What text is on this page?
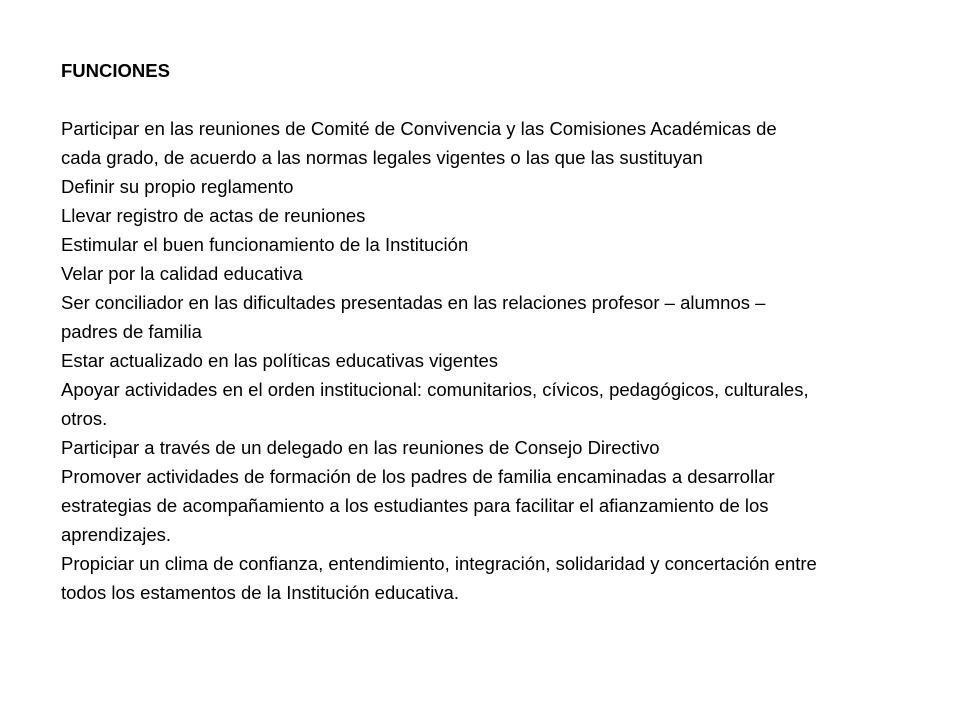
FUNCIONES

Participar en las reuniones de Comité de Convivencia y las Comisiones Académicas de cada grado, de acuerdo a las normas legales vigentes o las que las sustituyan

Definir su propio reglamento

Llevar registro de actas de reuniones

Estimular el buen funcionamiento de la Institución

Velar por la calidad educativa

Ser conciliador en las dificultades presentadas en las relaciones profesor – alumnos – padres de familia

Estar actualizado en las políticas educativas vigentes

Apoyar actividades en el orden institucional: comunitarios, cívicos, pedagógicos, culturales, otros.

Participar a través de un delegado en las reuniones de Consejo Directivo

Promover actividades de formación de los padres de familia encaminadas a desarrollar estrategias de acompañamiento a los estudiantes para facilitar el afianzamiento de los aprendizajes.

Propiciar un clima de confianza, entendimiento, integración, solidaridad y concertación entre todos los estamentos de la Institución educativa.
